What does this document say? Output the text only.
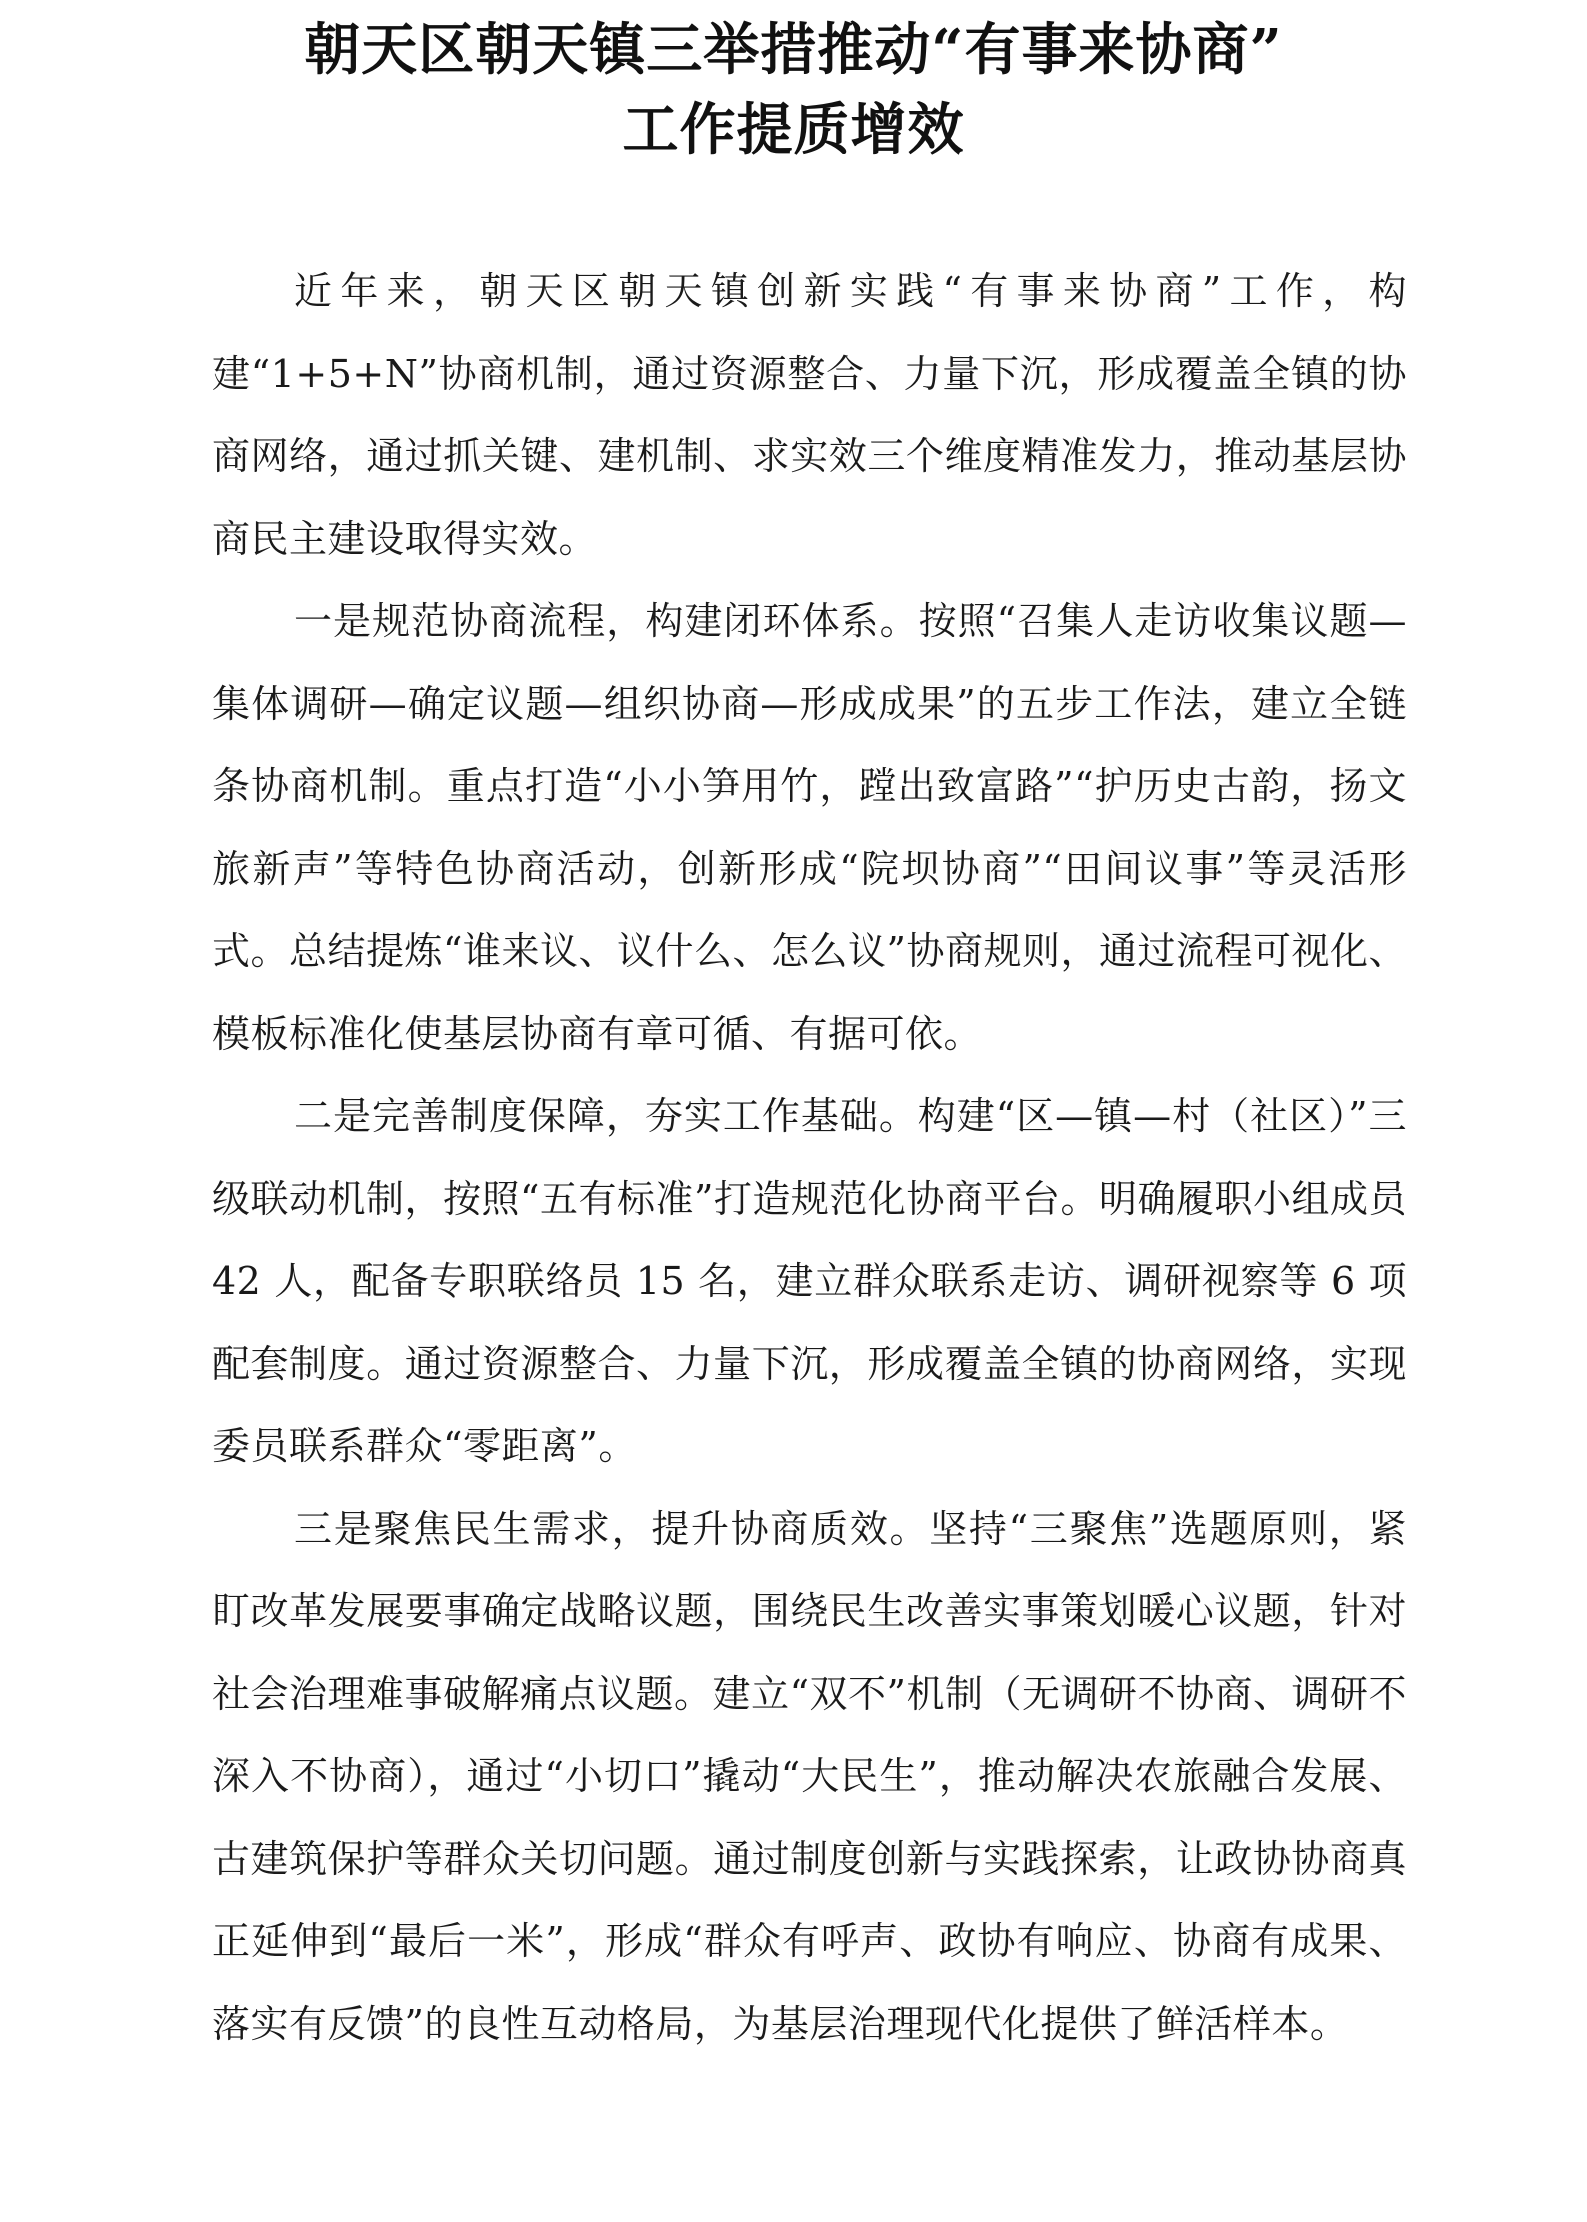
朝天区朝天镇三举措推动“有事来协商”
工作提质增效

近年来，朝天区朝天镇创新实践“有事来协商”工作，构建“1+5+N”协商机制，通过资源整合、力量下沉，形成覆盖全镇的协商网络，通过抓关键、建机制、求实效三个维度精准发力，推动基层协商民主建设取得实效。

一是规范协商流程，构建闭环体系。按照“召集人走访收集议题—集体调研—确定议题—组织协商—形成成果”的五步工作法，建立全链条协商机制。重点打造“小小笋用竹，蹚出致富路”“护历史古韵，扬文旅新声”等特色协商活动，创新形成“院坝协商”“田间议事”等灵活形式。总结提炼“谁来议、议什么、怎么议”协商规则，通过流程可视化、模板标准化使基层协商有章可循、有据可依。

二是完善制度保障，夯实工作基础。构建“区—镇—村（社区）”三级联动机制，按照“五有标准”打造规范化协商平台。明确履职小组成员 42 人，配备专职联络员 15 名，建立群众联系走访、调研视察等 6 项配套制度。通过资源整合、力量下沉，形成覆盖全镇的协商网络，实现委员联系群众“零距离”。

三是聚焦民生需求，提升协商质效。坚持“三聚焦”选题原则，紧盯改革发展要事确定战略议题，围绕民生改善实事策划暖心议题，针对社会治理难事破解痛点议题。建立“双不”机制（无调研不协商、调研不深入不协商），通过“小切口”撬动“大民生”，推动解决农旅融合发展、古建筑保护等群众关切问题。通过制度创新与实践探索，让政协协商真正延伸到“最后一米”，形成“群众有呼声、政协有响应、协商有成果、落实有反馈”的良性互动格局，为基层治理现代化提供了鲜活样本。
